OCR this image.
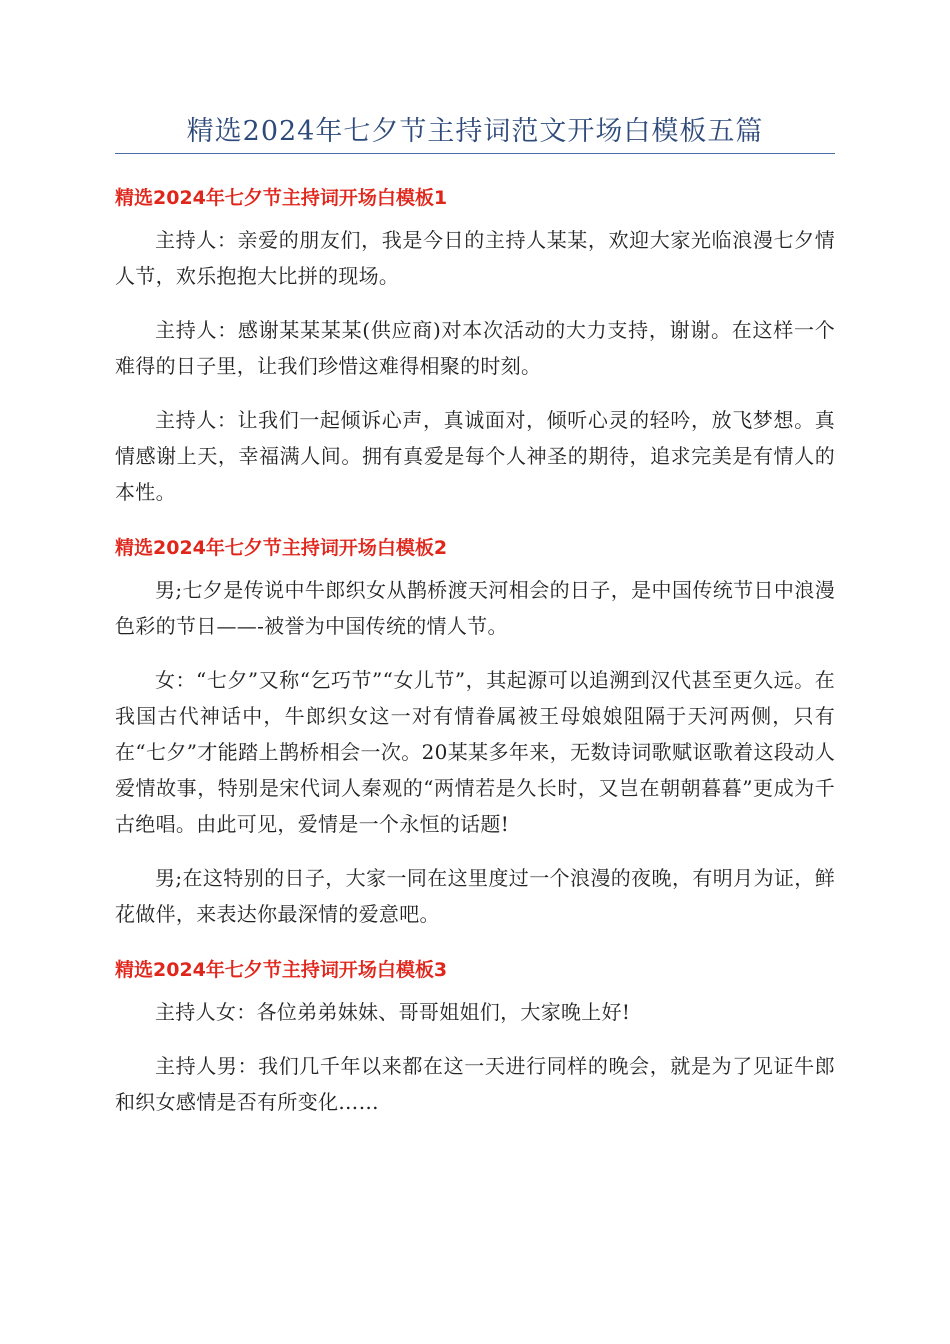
精选2024年七夕节主持词范文开场白模板五篇
精选2024年七夕节主持词开场白模板1

主持人：亲爱的朋友们，我是今日的主持人某某，欢迎大家光临浪漫七夕情人节，欢乐抱抱大比拼的现场。

主持人：感谢某某某某(供应商)对本次活动的大力支持，谢谢。在这样一个难得的日子里，让我们珍惜这难得相聚的时刻。

主持人：让我们一起倾诉心声，真诚面对，倾听心灵的轻吟，放飞梦想。真情感谢上天，幸福满人间。拥有真爱是每个人神圣的期待，追求完美是有情人的本性。

精选2024年七夕节主持词开场白模板2

男;七夕是传说中牛郎织女从鹊桥渡天河相会的日子，是中国传统节日中浪漫色彩的节日——-被誉为中国传统的情人节。

女：“七夕”又称“乞巧节”“女儿节”，其起源可以追溯到汉代甚至更久远。在我国古代神话中，牛郎织女这一对有情眷属被王母娘娘阻隔于天河两侧，只有在“七夕”才能踏上鹊桥相会一次。20某某多年来，无数诗词歌赋讴歌着这段动人爱情故事，特别是宋代词人秦观的“两情若是久长时，又岂在朝朝暮暮”更成为千古绝唱。由此可见，爱情是一个永恒的话题!

男;在这特别的日子，大家一同在这里度过一个浪漫的夜晚，有明月为证，鲜花做伴，来表达你最深情的爱意吧。

精选2024年七夕节主持词开场白模板3

主持人女：各位弟弟妹妹、哥哥姐姐们，大家晚上好!

主持人男：我们几千年以来都在这一天进行同样的晚会，就是为了见证牛郎和织女感情是否有所变化……
